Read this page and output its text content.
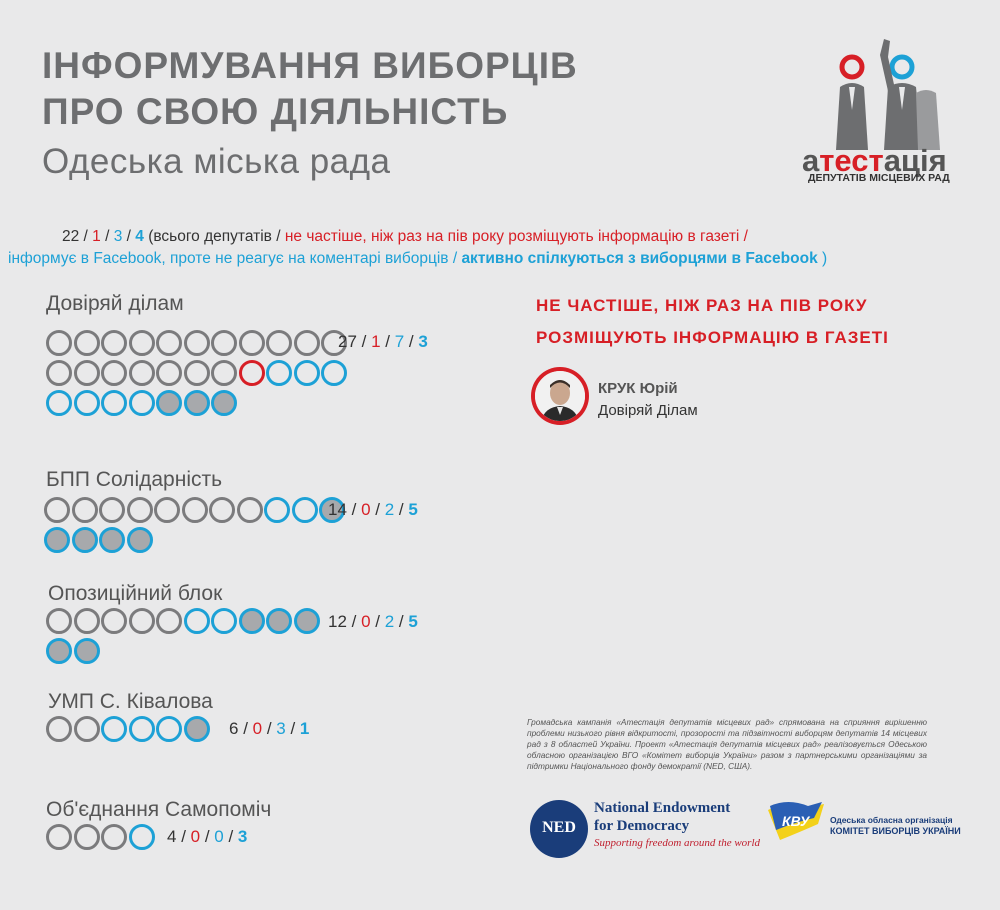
ІНФОРМУВАННЯ ВИБОРЦІВ
ПРО СВОЮ ДІЯЛЬНІСТЬ
Одеська міська рада	атестація
ДЕПУТАТІВ МІСЦЕВИХ РАД
22 / 1 / 3 / 4 (всього депутатів / не частіше, ніж раз на пів року розміщують інформацію в газеті /
інформує в Facebook, проте не реагує на коментарі виборців / активно спілкуються з виборцями в Facebook )
Довіряй ділам
27 / 1 / 7 / 3
БПП Солідарність
14 / 0 / 2 / 5
Опозиційний блок
12 / 0 / 2 / 5
УМП С. Ківалова
6 / 0 / 3 / 1
Об'єднання Самопоміч
4 / 0 / 0 / 3
НЕ ЧАСТІШЕ, НІЖ РАЗ НА ПІВ РОКУ
РОЗМІЩУЮТЬ ІНФОРМАЦІЮ В ГАЗЕТІ
КРУК Юрій
Довіряй Ділам
Громадська кампанія «Атестація депутатів місцевих рад» спрямована на сприяння вирішенню проблеми низького рівня відкритості, прозорості та підзвітності виборцям депутатів 14 місцевих рад з 8 областей України. Проект «Атестація депутатів місцевих рад» реалізовується Одеською обласною організацією ВГО «Комітет виборців України» разом з партнерськими організаціями за підтримки Національного фонду демократії (NED, США).
NED
National Endowment
for Democracy
Supporting freedom around the world
КВУ Одеська обласна організація
КОМІТЕТ ВИБОРЦІВ УКРАЇНИ
